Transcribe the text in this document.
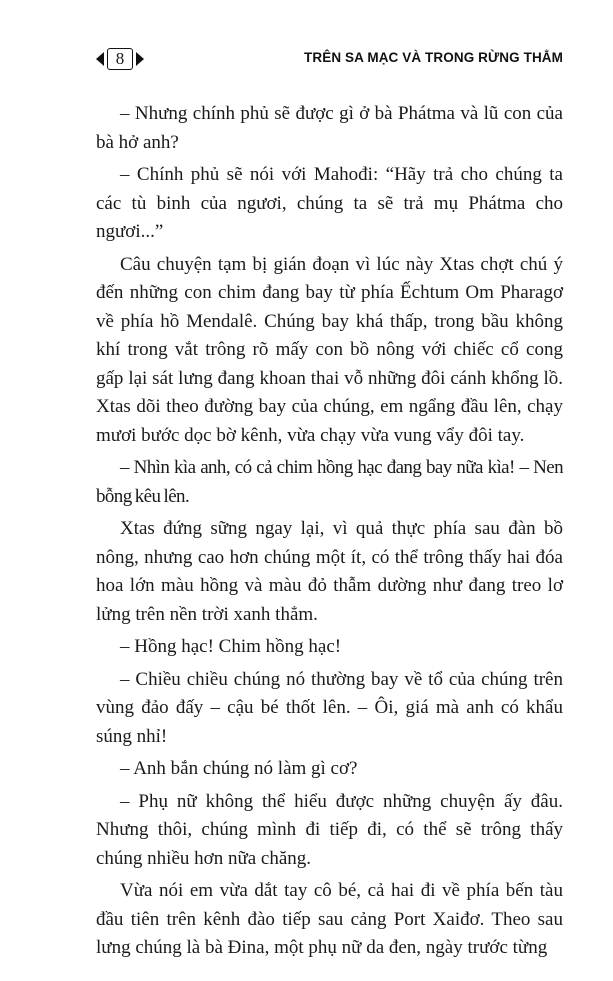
8	TRÊN SA MẠC VÀ TRONG RỪNG THẲM

– Nhưng chính phủ sẽ được gì ở bà Phátma và lũ con của bà hở anh?

– Chính phủ sẽ nói với Mahođi: “Hãy trả cho chúng ta các tù binh của ngươi, chúng ta sẽ trả mụ Phátma cho ngươi...”

Câu chuyện tạm bị gián đoạn vì lúc này Xtas chợt chú ý đến những con chim đang bay từ phía Ếchtum Om Pharagơ về phía hồ Mendalê. Chúng bay khá thấp, trong bầu không khí trong vắt trông rõ mấy con bồ nông với chiếc cổ cong gấp lại sát lưng đang khoan thai vỗ những đôi cánh khổng lồ. Xtas dõi theo đường bay của chúng, em ngẩng đầu lên, chạy mươi bước dọc bờ kênh, vừa chạy vừa vung vẩy đôi tay.

– Nhìn kìa anh, có cả chim hồng hạc đang bay nữa kìa! – Nen bỗng kêu lên.

Xtas đứng sững ngay lại, vì quả thực phía sau đàn bồ nông, nhưng cao hơn chúng một ít, có thể trông thấy hai đóa hoa lớn màu hồng và màu đỏ thẫm dường như đang treo lơ lửng trên nền trời xanh thẳm.

– Hồng hạc! Chim hồng hạc!

– Chiều chiều chúng nó thường bay về tổ của chúng trên vùng đảo đấy – cậu bé thốt lên. – Ôi, giá mà anh có khẩu súng nhỉ!

– Anh bắn chúng nó làm gì cơ?

– Phụ nữ không thể hiểu được những chuyện ấy đâu. Nhưng thôi, chúng mình đi tiếp đi, có thể sẽ trông thấy chúng nhiều hơn nữa chăng.

Vừa nói em vừa dắt tay cô bé, cả hai đi về phía bến tàu đầu tiên trên kênh đào tiếp sau cảng Port Xaiđơ. Theo sau lưng chúng là bà Đina, một phụ nữ da đen, ngày trước từng
